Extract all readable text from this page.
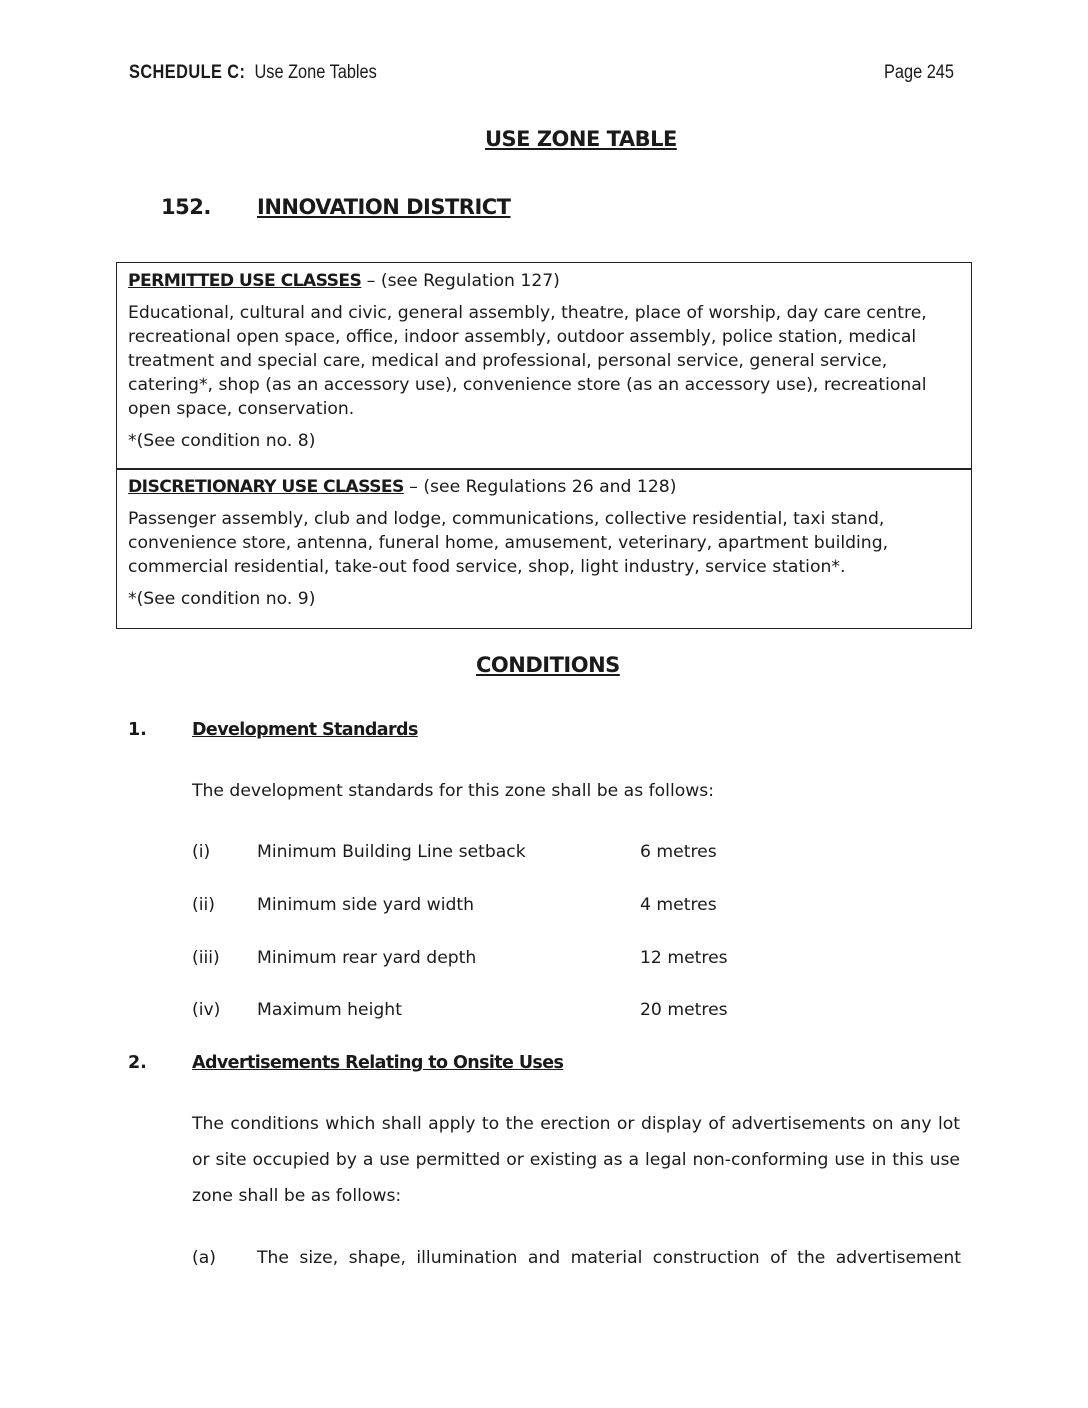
SCHEDULE C: Use Zone Tables	Page 245
USE ZONE TABLE
152. INNOVATION DISTRICT
PERMITTED USE CLASSES – (see Regulation 127)
Educational, cultural and civic, general assembly, theatre, place of worship, day care centre, recreational open space, office, indoor assembly, outdoor assembly, police station, medical treatment and special care, medical and professional, personal service, general service, catering*, shop (as an accessory use), convenience store (as an accessory use), recreational open space, conservation.
*(See condition no. 8)
DISCRETIONARY USE CLASSES – (see Regulations 26 and 128)
Passenger assembly, club and lodge, communications, collective residential, taxi stand, convenience store, antenna, funeral home, amusement, veterinary, apartment building, commercial residential, take-out food service, shop, light industry, service station*.
*(See condition no. 9)
CONDITIONS
1.	Development Standards
The development standards for this zone shall be as follows:
(i)	Minimum Building Line setback	6 metres
(ii) Minimum side yard width	4 metres
(iii) Minimum rear yard depth	12 metres
(iv) Maximum height	20 metres
2.	Advertisements Relating to Onsite Uses
The conditions which shall apply to the erection or display of advertisements on any lot or site occupied by a use permitted or existing as a legal non-conforming use in this use zone shall be as follows:
(a) The size, shape, illumination and material construction of the advertisement
